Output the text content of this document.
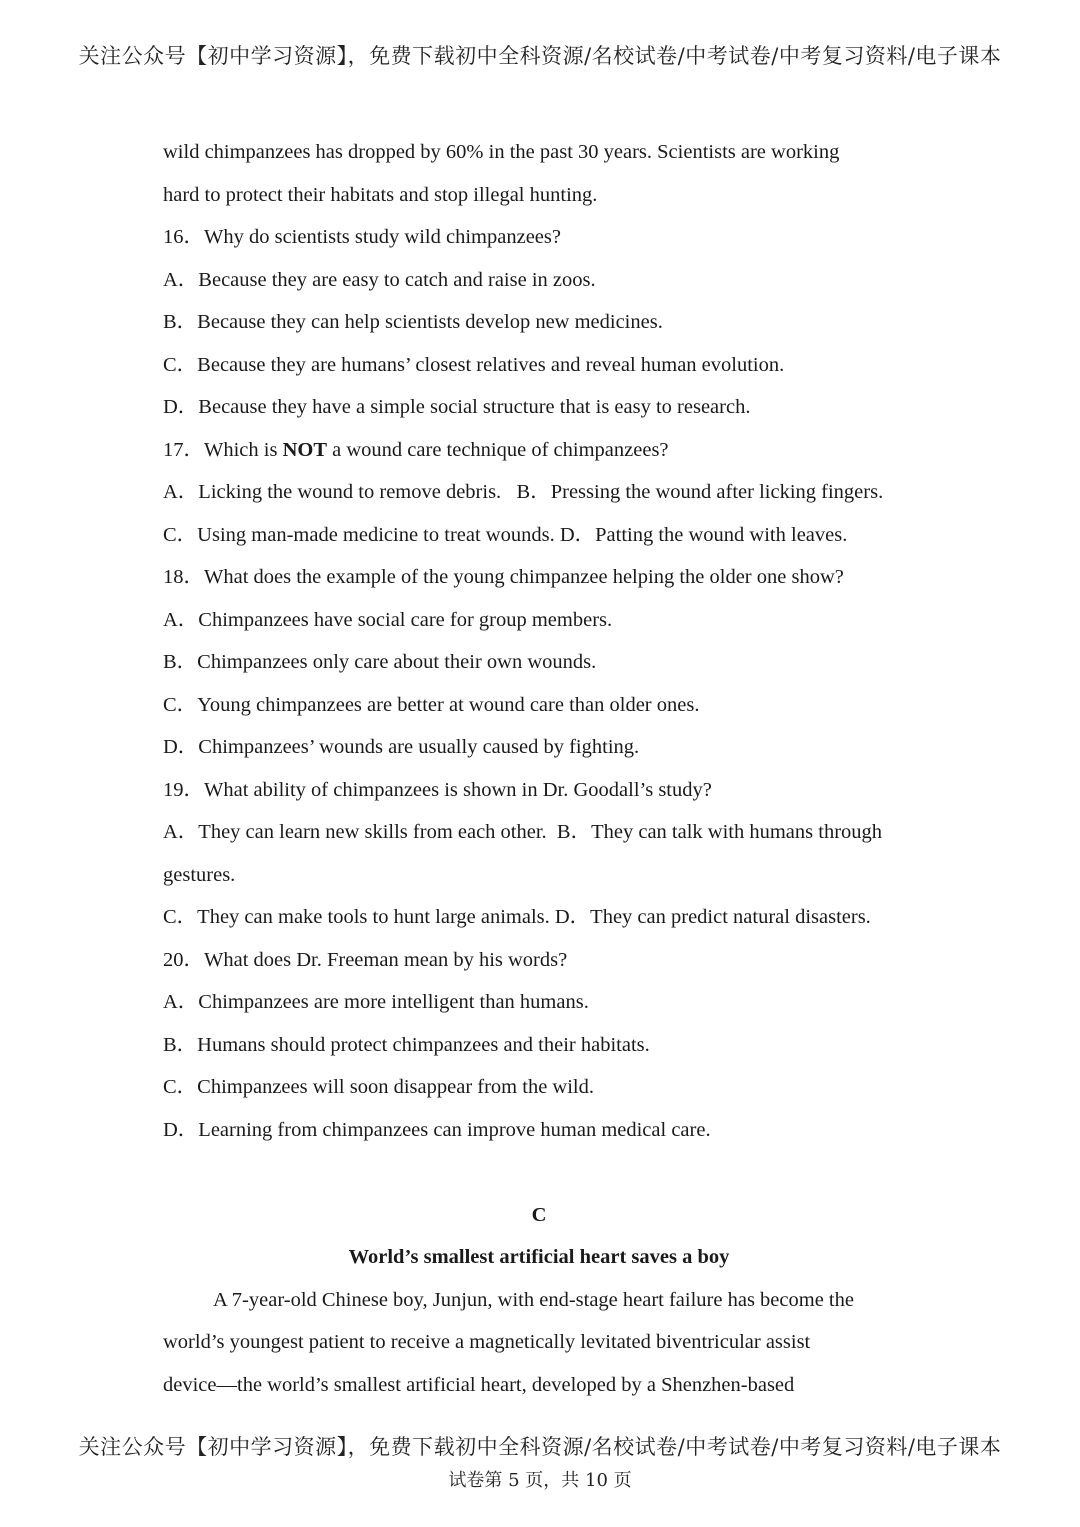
关注公众号【初中学习资源】，免费下载初中全科资源/名校试卷/中考试卷/中考复习资料/电子课本
wild chimpanzees has dropped by 60% in the past 30 years. Scientists are working
hard to protect their habitats and stop illegal hunting.
16．Why do scientists study wild chimpanzees?
A．Because they are easy to catch and raise in zoos.
B．Because they can help scientists develop new medicines.
C．Because they are humans’ closest relatives and reveal human evolution.
D．Because they have a simple social structure that is easy to research.
17．Which is NOT a wound care technique of chimpanzees?
A．Licking the wound to remove debris.   B．Pressing the wound after licking fingers.
C．Using man-made medicine to treat wounds. D．Patting the wound with leaves.
18．What does the example of the young chimpanzee helping the older one show?
A．Chimpanzees have social care for group members.
B．Chimpanzees only care about their own wounds.
C．Young chimpanzees are better at wound care than older ones.
D．Chimpanzees’ wounds are usually caused by fighting.
19．What ability of chimpanzees is shown in Dr. Goodall’s study?
A．They can learn new skills from each other.  B．They can talk with humans through
gestures.
C．They can make tools to hunt large animals. D．They can predict natural disasters.
20．What does Dr. Freeman mean by his words?
A．Chimpanzees are more intelligent than humans.
B．Humans should protect chimpanzees and their habitats.
C．Chimpanzees will soon disappear from the wild.
D．Learning from chimpanzees can improve human medical care.
C
World’s smallest artificial heart saves a boy
A 7-year-old Chinese boy, Junjun, with end-stage heart failure has become the
world’s youngest patient to receive a magnetically levitated biventricular assist
device—the world’s smallest artificial heart, developed by a Shenzhen-based
关注公众号【初中学习资源】，免费下载初中全科资源/名校试卷/中考试卷/中考复习资料/电子课本
试卷第 5 页，共 10 页
